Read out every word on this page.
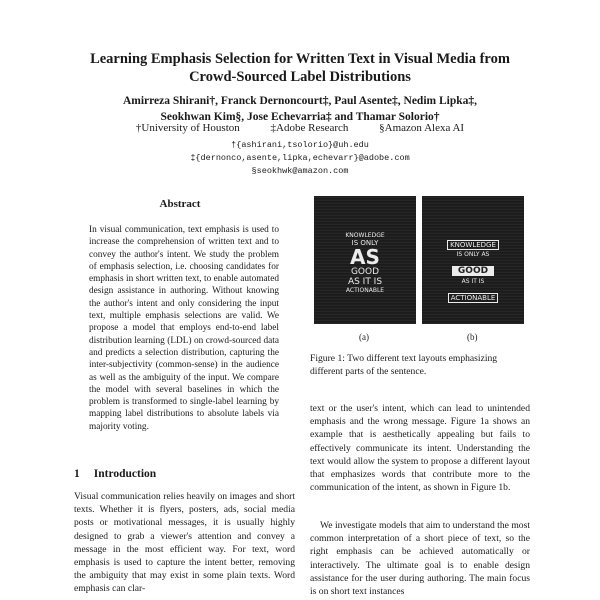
Learning Emphasis Selection for Written Text in Visual Media from
Crowd-Sourced Label Distributions
Amirreza Shirani†, Franck Dernoncourt‡, Paul Asente‡, Nedim Lipka‡,
Seokhwan Kim§, Jose Echevarria‡ and Thamar Solorio†
†University of Houston	‡Adobe Research	§Amazon Alexa AI
†{ashirani,tsolorio}@uh.edu
‡{dernonco,asente,lipka,echevarr}@adobe.com
§seokhwk@amazon.com
Abstract
In visual communication, text emphasis is used to increase the comprehension of written text and to convey the author's intent. We study the problem of emphasis selection, i.e. choosing candidates for emphasis in short written text, to enable automated design assistance in authoring. Without knowing the author's intent and only considering the input text, multiple emphasis selections are valid. We propose a model that employs end-to-end label distribution learning (LDL) on crowd-sourced data and predicts a selection distribution, capturing the inter-subjectivity (common-sense) in the audience as well as the ambiguity of the input. We compare the model with several baselines in which the problem is transformed to single-label learning by mapping label distributions to absolute labels via majority voting.
1 Introduction
Visual communication relies heavily on images and short texts. Whether it is flyers, posters, ads, social media posts or motivational messages, it is usually highly designed to grab a viewer's attention and convey a message in the most efficient way. For text, word emphasis is used to capture the intent better, removing the ambiguity that may exist in some plain texts. Word emphasis can clar-
KNOWLEDGE
IS ONLY
AS
GOOD
AS IT IS
ACTIONABLE
KNOWLEDGE

IS ONLY AS
GOOD

AS IT IS
ACTIONABLE
(a)	(b)
Figure 1: Two different text layouts emphasizing different parts of the sentence.
text or the user's intent, which can lead to unintended emphasis and the wrong message. Figure 1a shows an example that is aesthetically appealing but fails to effectively communicate its intent. Understanding the text would allow the system to propose a different layout that emphasizes words that contribute more to the communication of the intent, as shown in Figure 1b.
We investigate models that aim to understand the most common interpretation of a short piece of text, so the right emphasis can be achieved automatically or interactively. The ultimate goal is to enable design assistance for the user during authoring. The main focus is on short text instances
